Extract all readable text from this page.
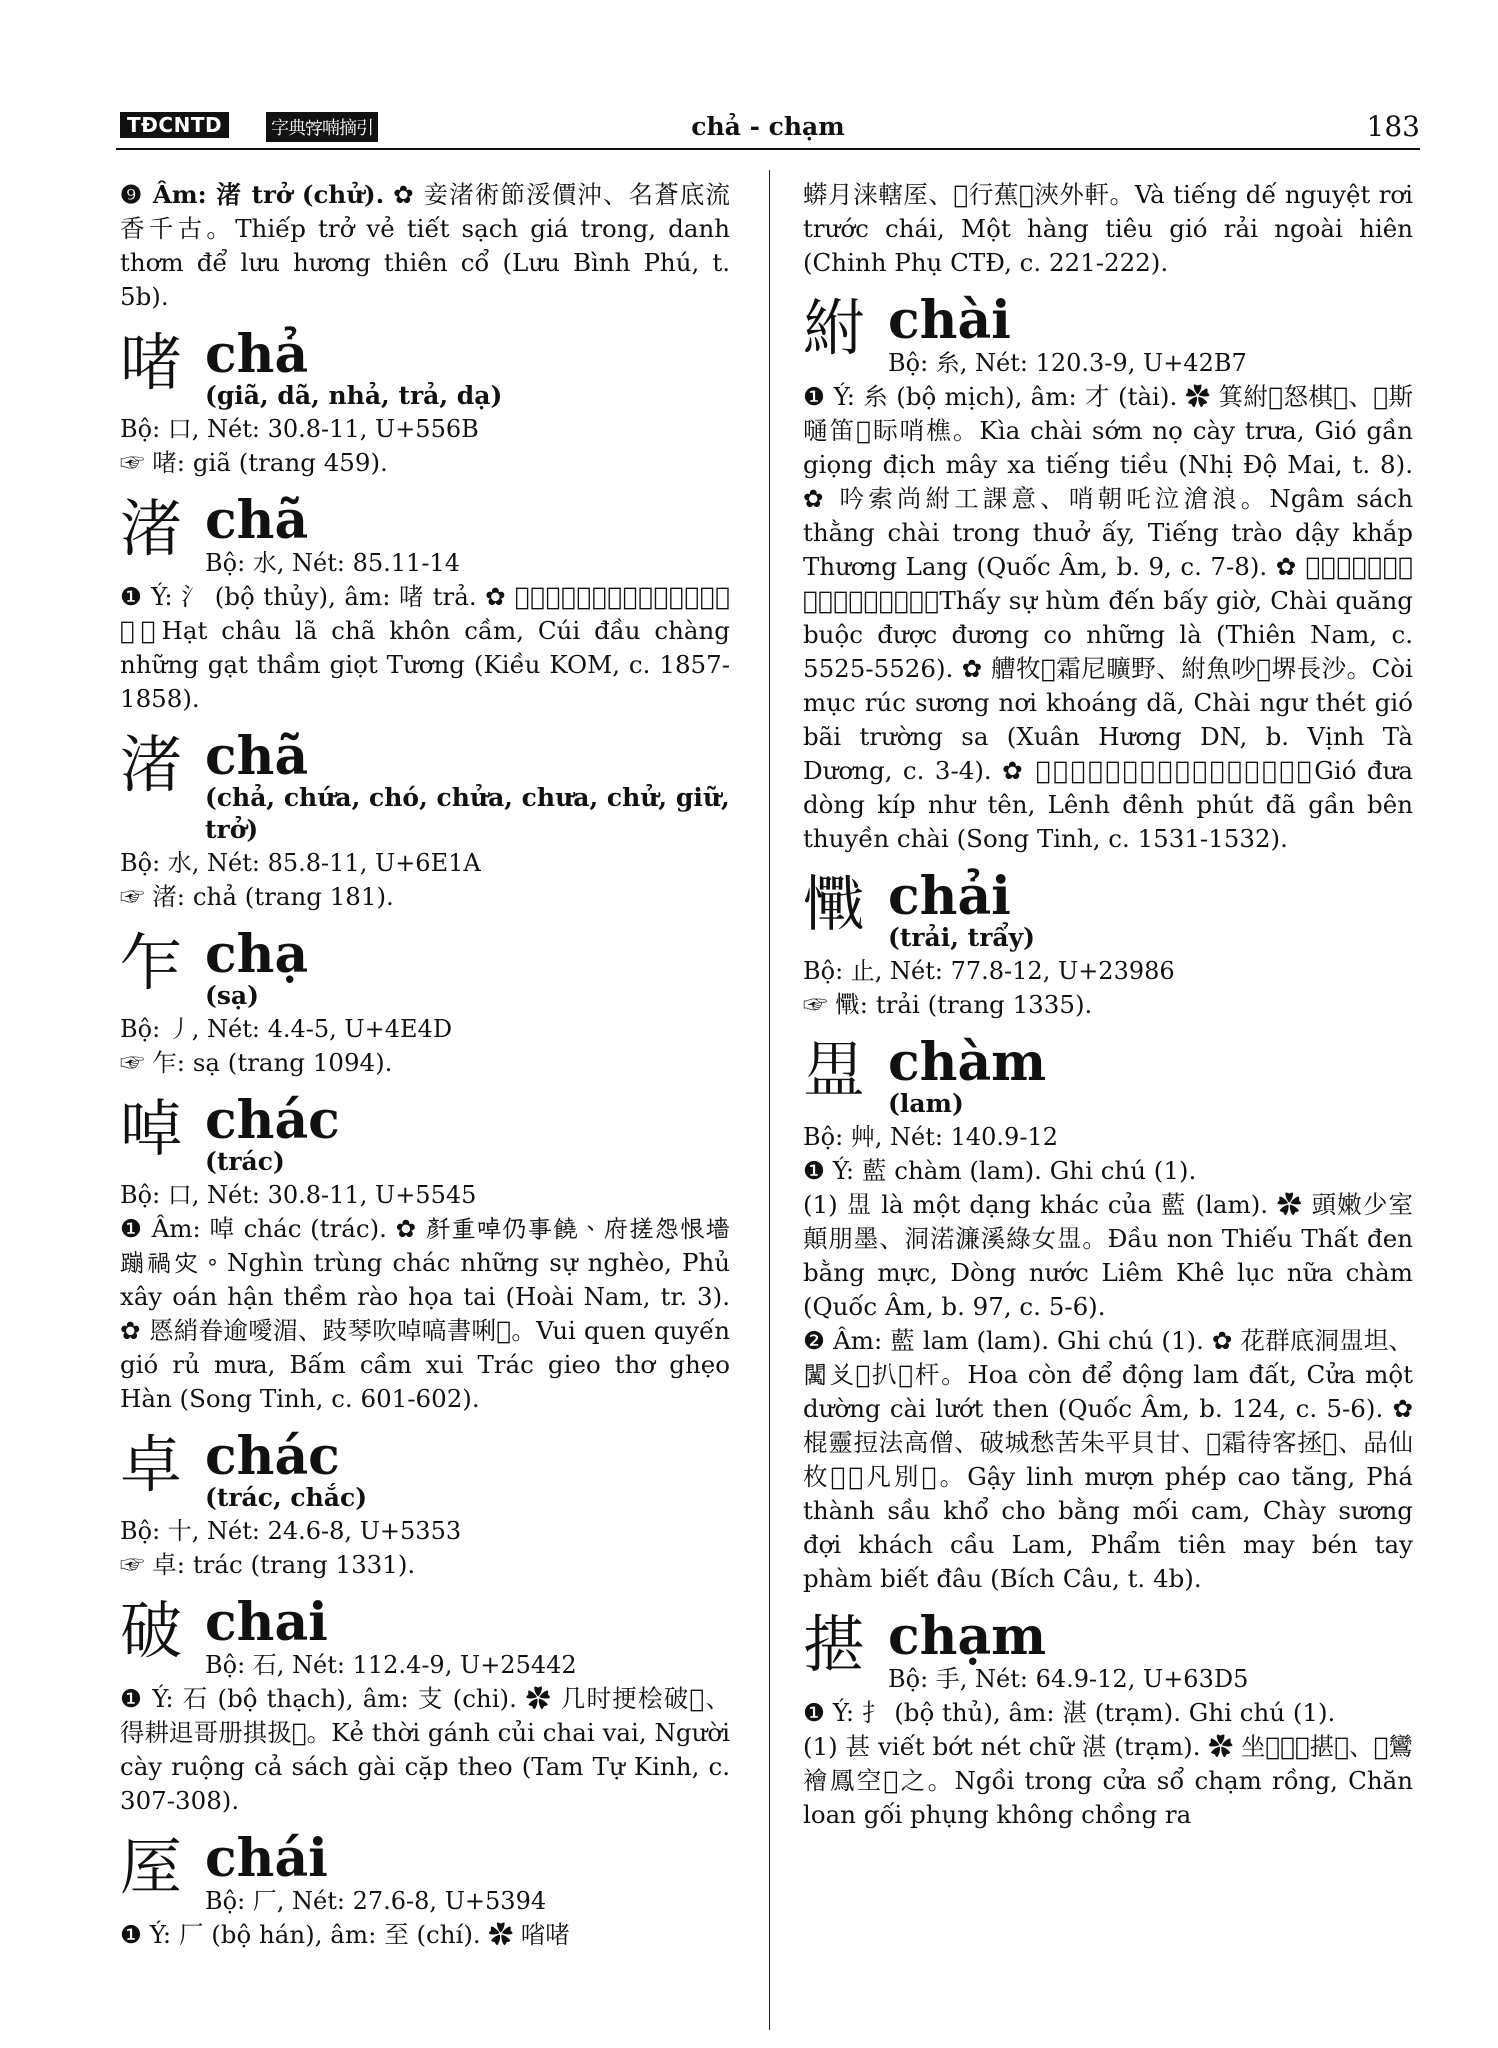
TĐCNTD	字典𡨸喃摘引	chả - chạm	183

❾ Âm: 渚 trở (chử). ✿ 妾渚術節浽價沖、名蒼底流香千古。Thiếp trở vẻ tiết sạch giá trong, danh thơm để lưu hương thiên cổ (Lưu Bình Phú, t. 5b).

啫 chả
(giã, dã, nhả, trả, dạ)

Bộ: 口, Nét: 30.8-11, U+556B

☞ 啫: giã (trang 459).

渚 chã
Bộ: 水, Nét: 85.11-14

❶ Ý: 氵 (bộ thủy), âm: 啫 trả. ✿ 𢪀珠涓渚坤拎、僉頭扢仍拔恍淚湘。Hạt châu lã chã khôn cầm, Cúi đầu chàng những gạt thầm giọt Tương (Kiều KOM, c. 1857-1858).

渚 chã
(chả, chứa, chó, chửa, chưa, chử, giữ, trở)

Bộ: 水, Nét: 85.8-11, U+6E1A

☞ 渚: chả (trang 181).

乍 chạ
(sạ)

Bộ: 丿, Nét: 4.4-5, U+4E4D

☞ 乍: sạ (trang 1094).

啅 chác
(trác)

Bộ: 口, Nét: 30.8-11, U+5545

❶ Âm: 啅 chác (trác). ✿ 𠦳重啅仍事饒、府搓怨恨墻蹦禍灾。Nghìn trùng chác những sự nghèo, Phủ xây oán hận thềm rào họa tai (Hoài Nam, tr. 3). ✿ 㥦綃眷逾噯湄、跂琴吹啅嗃書唎𢩿。Vui quen quyến gió rủ mưa, Bấm cầm xui Trác gieo thơ ghẹo Hàn (Song Tinh, c. 601-602).

卓 chác
(trác, chắc)

Bộ: 十, Nét: 24.6-8, U+5353

☞ 卓: trác (trang 1331).

破 chai
Bộ: 石, Nét: 112.4-9, U+25442

❶ Ý: 石 (bộ thạch), âm: 支 (chi). ✿ 几时挭桧破𩈘、得耕䢐哥册掑扱𨅸。Kẻ thời gánh củi chai vai, Người cày ruộng cả sách gài cặp theo (Tam Tự Kinh, c. 307-308).

厔 chái
Bộ: 厂, Nét: 27.6-8, U+5394

❶ Ý: 厂 (bộ hán), âm: 至 (chí). ✿ 㗂啫

蟒月涞轄厔、𢵻行蕉𦝄浹外軒。Và tiếng dế nguyệt rơi trước chái, Một hàng tiêu gió rải ngoài hiên (Chinh Phụ CTĐ, c. 221-222).

紨 chài
Bộ: 糸, Nét: 120.3-9, U+42B7

❶ Ý: 糸 (bộ mịch), âm: 才 (tài). ✿ 箕紨𣋚怒棋𨰈、𡀯斯嗵笛𨖲眎哨樵。Kìa chài sớm nọ cày trưa, Gió gần giọng địch mây xa tiếng tiều (Nhị Độ Mai, t. 8). ✿ 吟索尚紨工課意、哨朝吒泣滄浪。Ngâm sách thằng chài trong thuở ấy, Tiếng trào dậy khắp Thương Lang (Quốc Âm, b. 9, c. 7-8). ✿ 𩈘事猹典闭除、紨肱紏特當撫仍罗。Thấy sự hùm đến bấy giờ, Chài quăng buộc được đương co những là (Thiên Nam, c. 5525-5526). ✿ 艚牧𠽖霜尼曠野、紨魚吵𦝄堺長沙。Còi mục rúc sương nơi khoáng dã, Chài ngư thét gió bãi trường sa (Xuân Hương DN, b. Vịnh Tà Dương, c. 3-4). ✿ 𦝄迻洄急如箕、泠汀丿㐌斯边船紨。Gió đưa dòng kíp như tên, Lênh đênh phút đã gần bên thuyền chài (Song Tinh, c. 1531-1532).

𢥇 chải
(trải, trẩy)

Bộ: 止, Nét: 77.8-12, U+23986

☞ 𢥇: trải (trang 1335).

𥁎 chàm
(lam)

Bộ: 艸, Nét: 140.9-12

❶ Ý: 藍 chàm (lam). Ghi chú (1).

(1) 𥁎 là một dạng khác của 藍 (lam). ✿ 頭嫩少室顛朋墨、洞渃濂溪綠女𥁎。Đầu non Thiếu Thất đen bằng mực, Dòng nước Liêm Khê lục nữa chàm (Quốc Âm, b. 97, c. 5-6).

❷ Âm: 藍 lam (lam). Ghi chú (1). ✿ 花群底洞𥁎坦、𨷈𠬠𨤔扒𢪀杆。Hoa còn để động lam đất, Cửa một dường cài lướt then (Quốc Âm, b. 124, c. 5-6). ✿ 棍靈𢭃法高僧、破城愁苦朱平貝甘、𣘃霜待客拯𥁎、品仙枚𢯒𤽸凡別𡗶。Gậy linh mượn phép cao tăng, Phá thành sầu khổ cho bằng mối cam, Chày sương đợi khách cầu Lam, Phẩm tiên may bén tay phàm biết đâu (Bích Câu, t. 4b).

揕 chạm
Bộ: 手, Nét: 64.9-12, U+63D5

❶ Ý: 扌 (bộ thủ), âm: 湛 (trạm). Ghi chú (1).

(1) 甚 viết bớt nét chữ 湛 (trạm). ✿ 坐𥒥𨷈𪀄揕𧍝、𥙩鸞襘鳳空𦋦之。Ngồi trong cửa sổ chạm rồng, Chăn loan gối phụng không chồng ra
